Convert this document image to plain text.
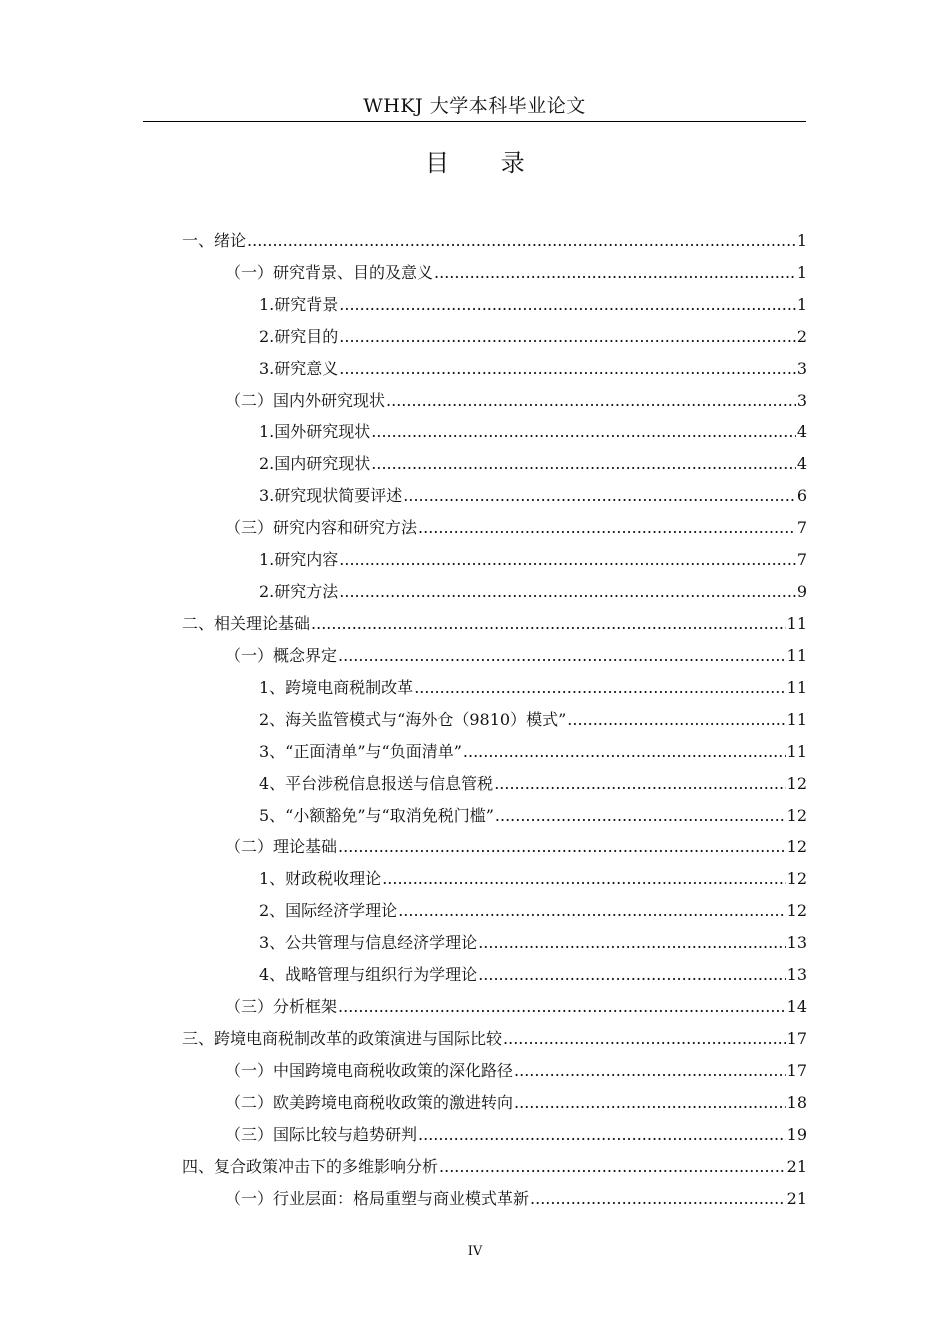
WHKJ 大学本科毕业论文
目 录
一、绪论 .....	1
（一）研究背景、目的及意义 .....	1
1.研究背景 .....	1
2.研究目的 .....	2
3.研究意义 .....	3
（二）国内外研究现状 .....	3
1.国外研究现状 .....	4
2.国内研究现状 .....	4
3.研究现状简要评述 .....	6
（三）研究内容和研究方法 .....	7
1.研究内容 .....	7
2.研究方法 .....	9
二、相关理论基础 .....	11
（一）概念界定 .....	11
1、跨境电商税制改革 .....	11
2、海关监管模式与“海外仓（9810）模式” .....	11
3、“正面清单”与“负面清单” .....	11
4、平台涉税信息报送与信息管税 .....	12
5、“小额豁免”与“取消免税门槛” .....	12
（二）理论基础 .....	12
1、财政税收理论 .....	12
2、国际经济学理论 .....	12
3、公共管理与信息经济学理论 .....	13
4、战略管理与组织行为学理论 .....	13
（三）分析框架 .....	14
三、跨境电商税制改革的政策演进与国际比较 .....	17
（一）中国跨境电商税收政策的深化路径 .....	17
（二）欧美跨境电商税收政策的激进转向 .....	18
（三）国际比较与趋势研判 .....	19
四、复合政策冲击下的多维影响分析 .....	21
（一）行业层面：格局重塑与商业模式革新 .....	21
IV
